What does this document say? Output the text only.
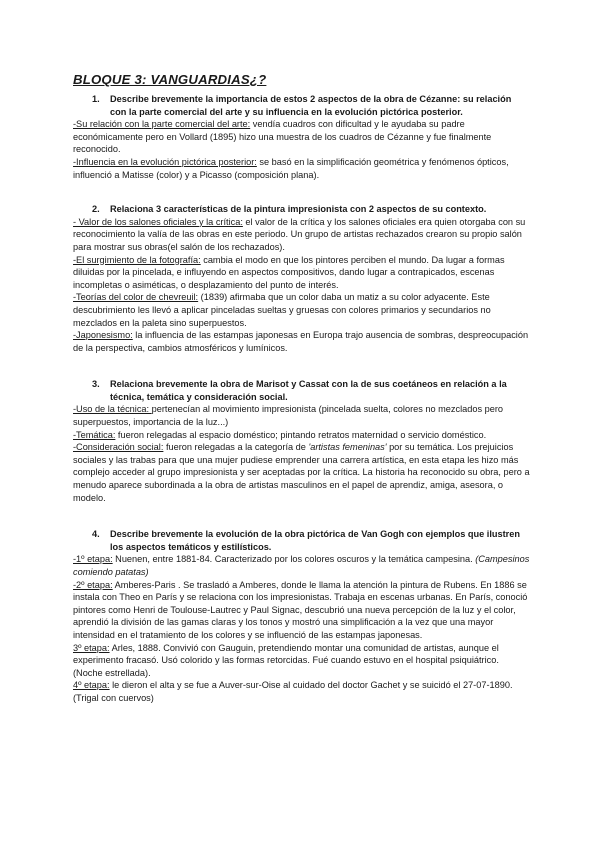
BLOQUE 3: VANGUARDIAS¿?

1. Describe brevemente la importancia de estos 2 aspectos de la obra de Cézanne: su relación con la parte comercial del arte y su influencia en la evolución pictórica posterior.

-Su relación con la parte comercial del arte: vendía cuadros con dificultad y le ayudaba su padre económicamente pero en Vollard (1895) hizo una muestra de los cuadros de Cézanne y fue finalmente reconocido.

-Influencia en la evolución pictórica posterior: se basó en la simplificación geométrica y fenómenos ópticos, influenció a Matisse (color) y a Picasso (composición plana).

2. Relaciona 3 características de la pintura impresionista con 2 aspectos de su contexto.

- Valor de los salones oficiales y la crítica: el valor de la crítica y los salones oficiales era quien otorgaba con su reconocimiento la valía de las obras en este periodo. Un grupo de artistas rechazados crearon su propio salón para mostrar sus obras(el salón de los rechazados).

-El surgimiento de la fotografía: cambia el modo en que los pintores perciben el mundo. Da lugar a formas diluidas por la pincelada, e influyendo en aspectos compositivos, dando lugar a contrapicados, escenas incompletas o asiméticas, o desplazamiento del punto de interés.

-Teorías del color de chevreuil: (1839) afirmaba que un color daba un matiz a su color adyacente. Este descubrimiento les llevó a aplicar pinceladas sueltas y gruesas con colores primarios y secundarios no mezclados en la paleta sino superpuestos.

-Japonesismo: la influencia de las estampas japonesas en Europa trajo ausencia de sombras, despreocupación de la perspectiva, cambios atmosféricos y lumínicos.

3. Relaciona brevemente la obra de Marisot y Cassat con la de sus coetáneos en relación a la técnica, temática y consideración social.

-Uso de la técnica: pertenecían al movimiento impresionista (pincelada suelta, colores no mezclados pero superpuestos, importancia de la luz...)

-Temática: fueron relegadas al espacio doméstico; pintando retratos maternidad o servicio doméstico.

-Consideración social: fueron relegadas a la categoría de 'artistas femeninas' por su temática. Los prejuicios sociales y las trabas para que una mujer pudiese emprender una carrera artística, en esta etapa les hizo más complejo acceder al grupo impresionista y ser aceptadas por la crítica. La historia ha reconocido su obra, pero a menudo aparece subordinada a la obra de artistas masculinos en el papel de aprendiz, amiga, asesora, o modelo.

4. Describe brevemente la evolución de la obra pictórica de Van Gogh con ejemplos que ilustren los aspectos temáticos y estilísticos.

-1º etapa: Nuenen, entre 1881-84. Caracterizado por los colores oscuros y la temática campesina. (Campesinos comiendo patatas)

-2º etapa: Amberes-Paris . Se trasladó a Amberes, donde le llama la atención la pintura de Rubens. En 1886 se instala con Theo en París y se relaciona con los impresionistas. Trabaja en escenas urbanas. En París, conoció pintores como Henri de Toulouse-Lautrec y Paul Signac, descubrió una nueva percepción de la luz y el color, aprendió la división de las gamas claras y los tonos y mostró una simplificación a la vez que una mayor intensidad en el tratamiento de los colores y se influenció de las estampas japonesas.

3º etapa: Arles, 1888. Convivió con Gauguin, pretendiendo montar una comunidad de artistas, aunque el experimento fracasó. Usó colorido y las formas retorcidas. Fué cuando estuvo en el hospital psiquiátrico. (Noche estrellada).

4º etapa: le dieron el alta y se fue a Auver-sur-Oise al cuidado del doctor Gachet y se suicidó el 27-07-1890. (Trigal con cuervos)
